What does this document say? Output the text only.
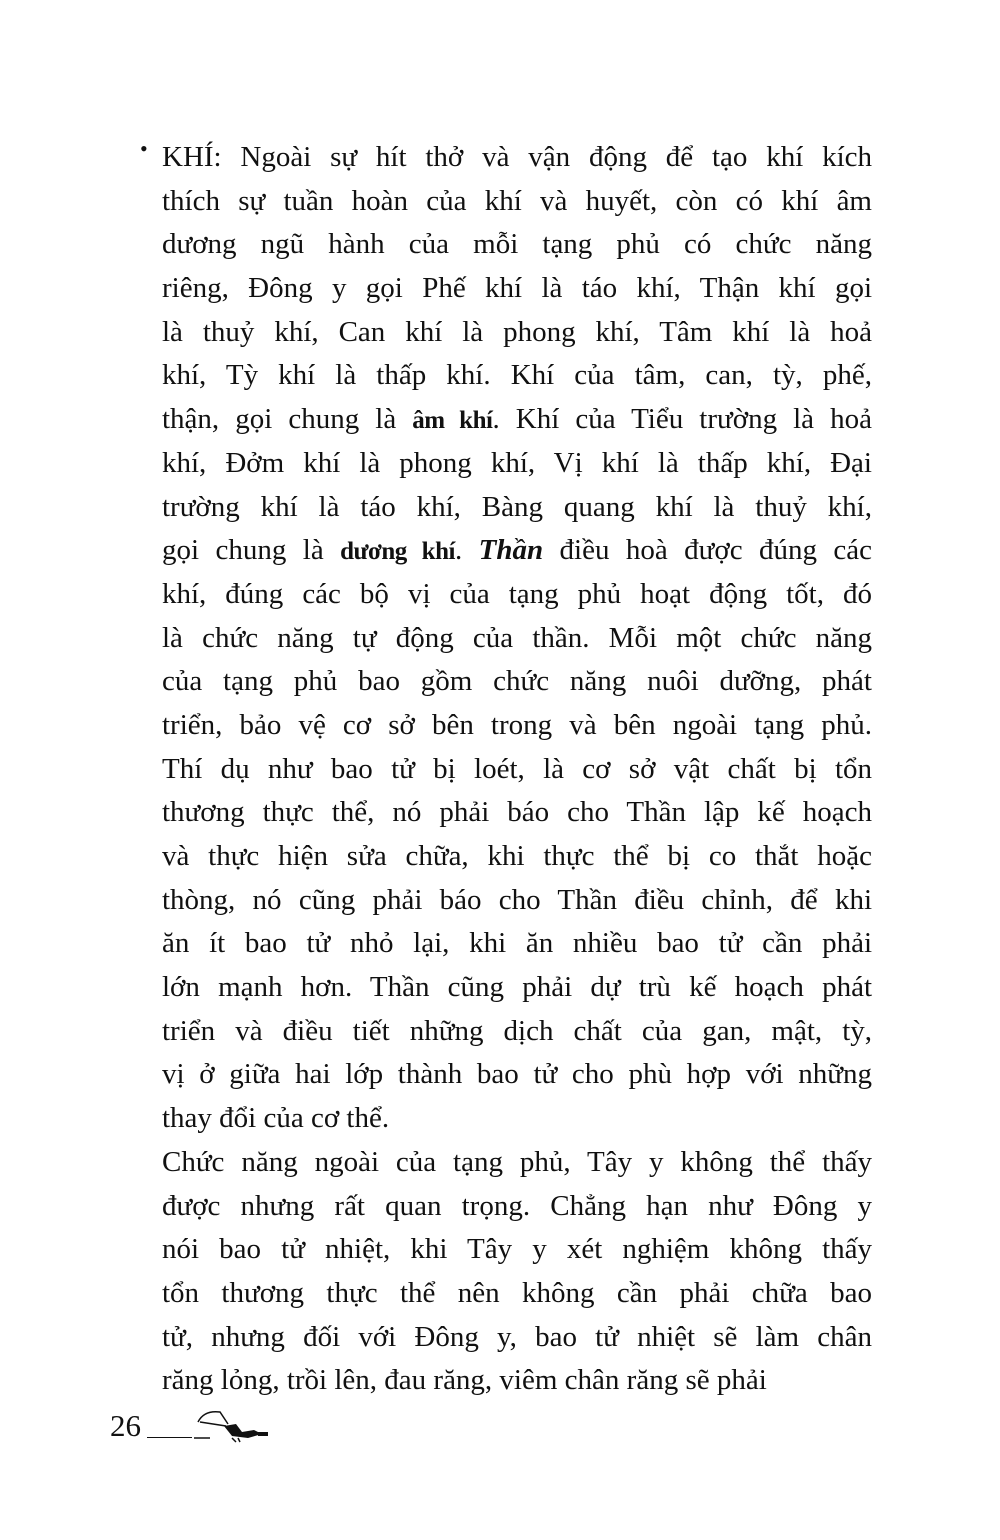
• KHÍ: Ngoài sự hít thở và vận động để tạo khí kích
thích sự tuần hoàn của khí và huyết, còn có khí âm
dương ngũ hành của mỗi tạng phủ có chức năng
riêng, Đông y gọi Phế khí là táo khí, Thận khí gọi
là thuỷ khí, Can khí là phong khí, Tâm khí là hoả
khí, Tỳ khí là thấp khí. Khí của tâm, can, tỳ, phế,
thận, gọi chung là âm khí. Khí của Tiểu trường là hoả
khí, Đởm khí là phong khí, Vị khí là thấp khí, Đại
trường khí là táo khí, Bàng quang khí là thuỷ khí,
gọi chung là dương khí. Thần điều hoà được đúng các
khí, đúng các bộ vị của tạng phủ hoạt động tốt, đó
là chức năng tự động của thần. Mỗi một chức năng
của tạng phủ bao gồm chức năng nuôi dưỡng, phát
triển, bảo vệ cơ sở bên trong và bên ngoài tạng phủ.
Thí dụ như bao tử bị loét, là cơ sở vật chất bị tổn
thương thực thể, nó phải báo cho Thần lập kế hoạch
và thực hiện sửa chữa, khi thực thể bị co thắt hoặc
thòng, nó cũng phải báo cho Thần điều chỉnh, để khi
ăn ít bao tử nhỏ lại, khi ăn nhiều bao tử cần phải
lớn mạnh hơn. Thần cũng phải dự trù kế hoạch phát
triển và điều tiết những dịch chất của gan, mật, tỳ,
vị ở giữa hai lớp thành bao tử cho phù hợp với những
thay đổi của cơ thể.
Chức năng ngoài của tạng phủ, Tây y không thể thấy
được nhưng rất quan trọng. Chẳng hạn như Đông y
nói bao tử nhiệt, khi Tây y xét nghiệm không thấy
tổn thương thực thể nên không cần phải chữa bao
tử, nhưng đối với Đông y, bao tử nhiệt sẽ làm chân
răng lỏng, trồi lên, đau răng, viêm chân răng sẽ phải
26
